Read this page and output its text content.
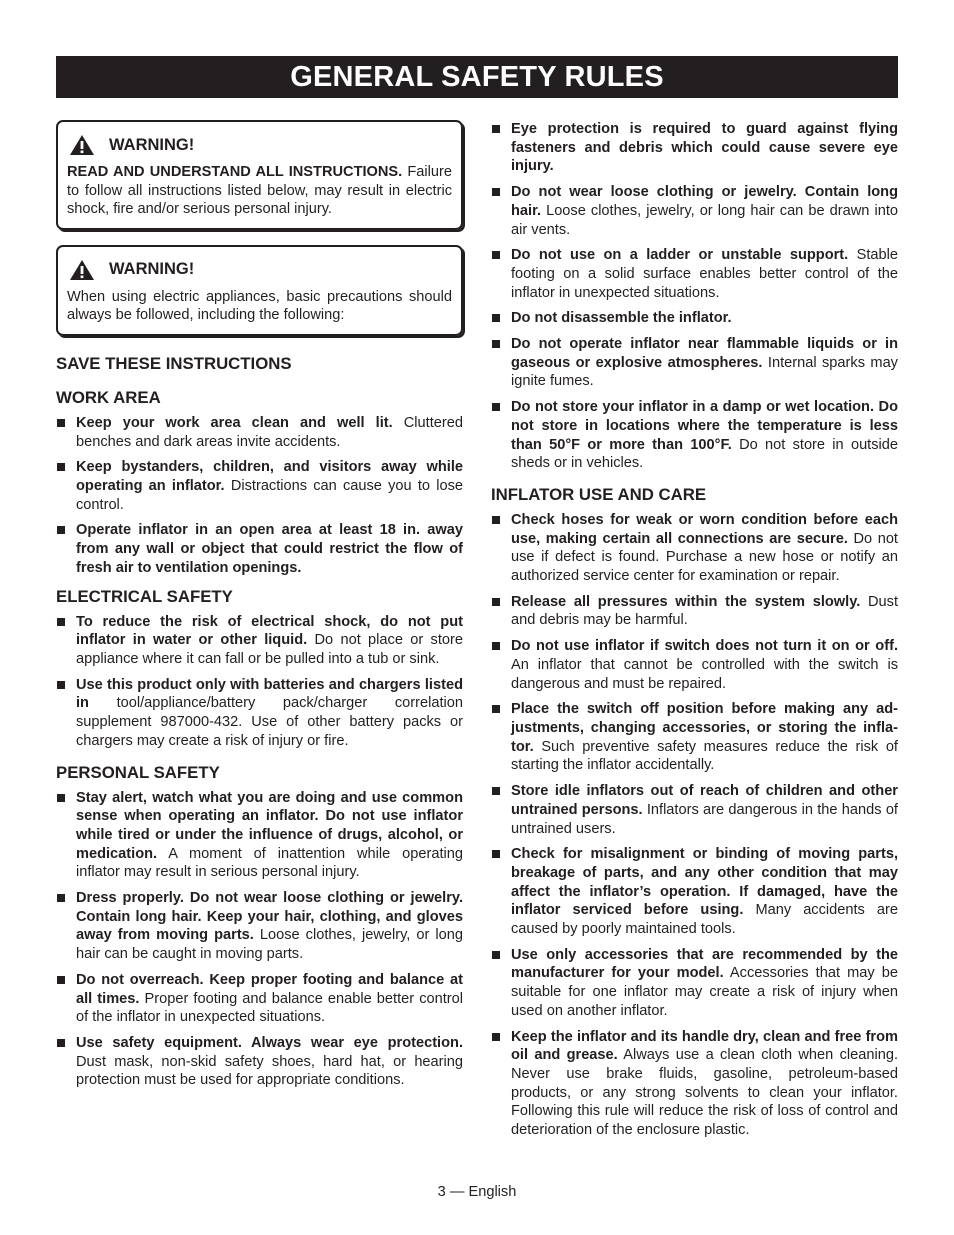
GENERAL SAFETY RULES
WARNING!
READ AND UNDERSTAND ALL INSTRUCTIONS. Failure to follow all instructions listed below, may result in electric shock, fire and/or serious personal injury.
WARNING!
When using electric appliances, basic precautions should always be followed, including the following:
SAVE THESE INSTRUCTIONS
WORK AREA
Keep your work area clean and well lit. Cluttered benches and dark areas invite accidents.
Keep bystanders, children, and visitors away while operating an inflator. Distractions can cause you to lose control.
Operate inflator in an open area at least 18 in. away from any wall or object that could restrict the flow of fresh air to ventilation openings.
ELECTRICAL SAFETY
To reduce the risk of electrical shock, do not put inflator in water or other liquid. Do not place or store appliance where it can fall or be pulled into a tub or sink.
Use this product only with batteries and chargers listed in tool/appliance/battery pack/charger correlation supplement 987000-432. Use of other battery packs or chargers may create a risk of injury or fire.
PERSONAL SAFETY
Stay alert, watch what you are doing and use common sense when operating an inflator. Do not use inflator while tired or under the influence of drugs, alcohol, or medication. A moment of inattention while operating inflator may result in serious personal injury.
Dress properly. Do not wear loose clothing or jewelry. Contain long hair. Keep your hair, clothing, and gloves away from moving parts. Loose clothes, jewelry, or long hair can be caught in moving parts.
Do not overreach. Keep proper footing and balance at all times. Proper footing and balance enable better control of the inflator in unexpected situations.
Use safety equipment. Always wear eye protection. Dust mask, non-skid safety shoes, hard hat, or hearing protection must be used for appropriate conditions.
Eye protection is required to guard against flying fasteners and debris which could cause severe eye injury.
Do not wear loose clothing or jewelry. Contain long hair. Loose clothes, jewelry, or long hair can be drawn into air vents.
Do not use on a ladder or unstable support. Stable footing on a solid surface enables better control of the inflator in unexpected situations.
Do not disassemble the inflator.
Do not operate inflator near flammable liquids or in gaseous or explosive atmospheres. Internal sparks may ignite fumes.
Do not store your inflator in a damp or wet location. Do not store in locations where the temperature is less than 50°F or more than 100°F. Do not store in outside sheds or in vehicles.
INFLATOR USE AND CARE
Check hoses for weak or worn condition before each use, making certain all connections are secure. Do not use if defect is found. Purchase a new hose or notify an authorized service center for examination or repair.
Release all pressures within the system slowly. Dust and debris may be harmful.
Do not use inflator if switch does not turn it on or off. An inflator that cannot be controlled with the switch is dangerous and must be repaired.
Place the switch off position before making any adjustments, changing accessories, or storing the inflator. Such preventive safety measures reduce the risk of starting the inflator accidentally.
Store idle inflators out of reach of children and other untrained persons. Inflators are dangerous in the hands of untrained users.
Check for misalignment or binding of moving parts, breakage of parts, and any other condition that may affect the inflator’s operation. If damaged, have the inflator serviced before using. Many accidents are caused by poorly maintained tools.
Use only accessories that are recommended by the manufacturer for your model. Accessories that may be suitable for one inflator may create a risk of injury when used on another inflator.
Keep the inflator and its handle dry, clean and free from oil and grease. Always use a clean cloth when cleaning. Never use brake fluids, gasoline, petroleum-based products, or any strong solvents to clean your inflator. Following this rule will reduce the risk of loss of control and deterioration of the enclosure plastic.
3 — English
